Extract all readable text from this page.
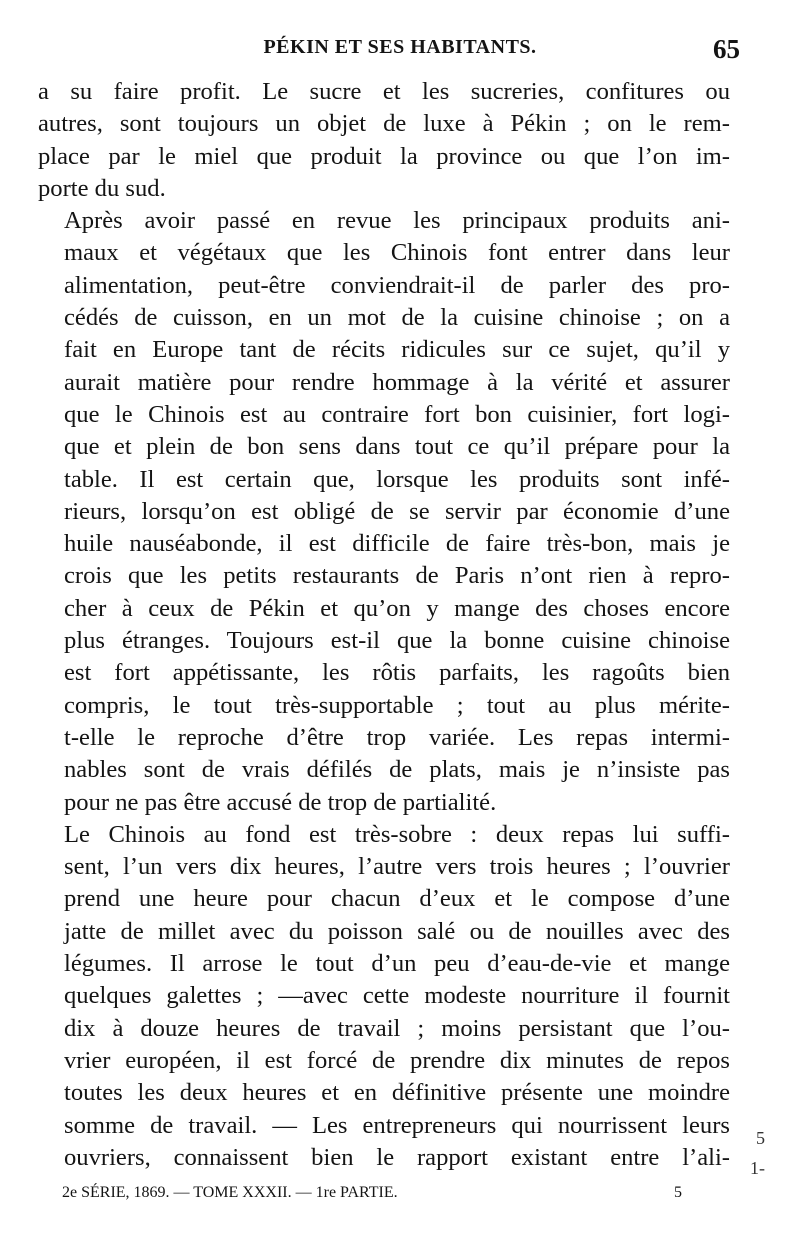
PÉKIN ET SES HABITANTS.	65
a su faire profit. Le sucre et les sucreries, confitures ou
autres, sont toujours un objet de luxe à Pékin ; on le rem-
place par le miel que produit la province ou que l’on im-
porte du sud.
Après avoir passé en revue les principaux produits ani-
maux et végétaux que les Chinois font entrer dans leur
alimentation, peut-être conviendrait-il de parler des pro-
cédés de cuisson, en un mot de la cuisine chinoise ; on a
fait en Europe tant de récits ridicules sur ce sujet, qu’il y
aurait matière pour rendre hommage à la vérité et assurer
que le Chinois est au contraire fort bon cuisinier, fort logi-
que et plein de bon sens dans tout ce qu’il prépare pour la
table. Il est certain que, lorsque les produits sont infé-
rieurs, lorsqu’on est obligé de se servir par économie d’une
huile nauséabonde, il est difficile de faire très-bon, mais je
crois que les petits restaurants de Paris n’ont rien à repro-
cher à ceux de Pékin et qu’on y mange des choses encore
plus étranges. Toujours est-il que la bonne cuisine chinoise
est fort appétissante, les rôtis parfaits, les ragoûts bien
compris, le tout très-supportable ; tout au plus mérite-
t-elle le reproche d’être trop variée. Les repas intermi-
nables sont de vrais défilés de plats, mais je n’insiste pas
pour ne pas être accusé de trop de partialité.
Le Chinois au fond est très-sobre : deux repas lui suffi-
sent, l’un vers dix heures, l’autre vers trois heures ; l’ouvrier
prend une heure pour chacun d’eux et le compose d’une
jatte de millet avec du poisson salé ou de nouilles avec des
légumes. Il arrose le tout d’un peu d’eau-de-vie et mange
quelques galettes ; —avec cette modeste nourriture il fournit
dix à douze heures de travail ; moins persistant que l’ou-
vrier européen, il est forcé de prendre dix minutes de repos
toutes les deux heures et en définitive présente une moindre
somme de travail. — Les entrepreneurs qui nourrissent leurs
ouvriers, connaissent bien le rapport existant entre l’ali-
5
1-
2e SÉRIE, 1869. — TOME XXXII. — 1re PARTIE.	5
